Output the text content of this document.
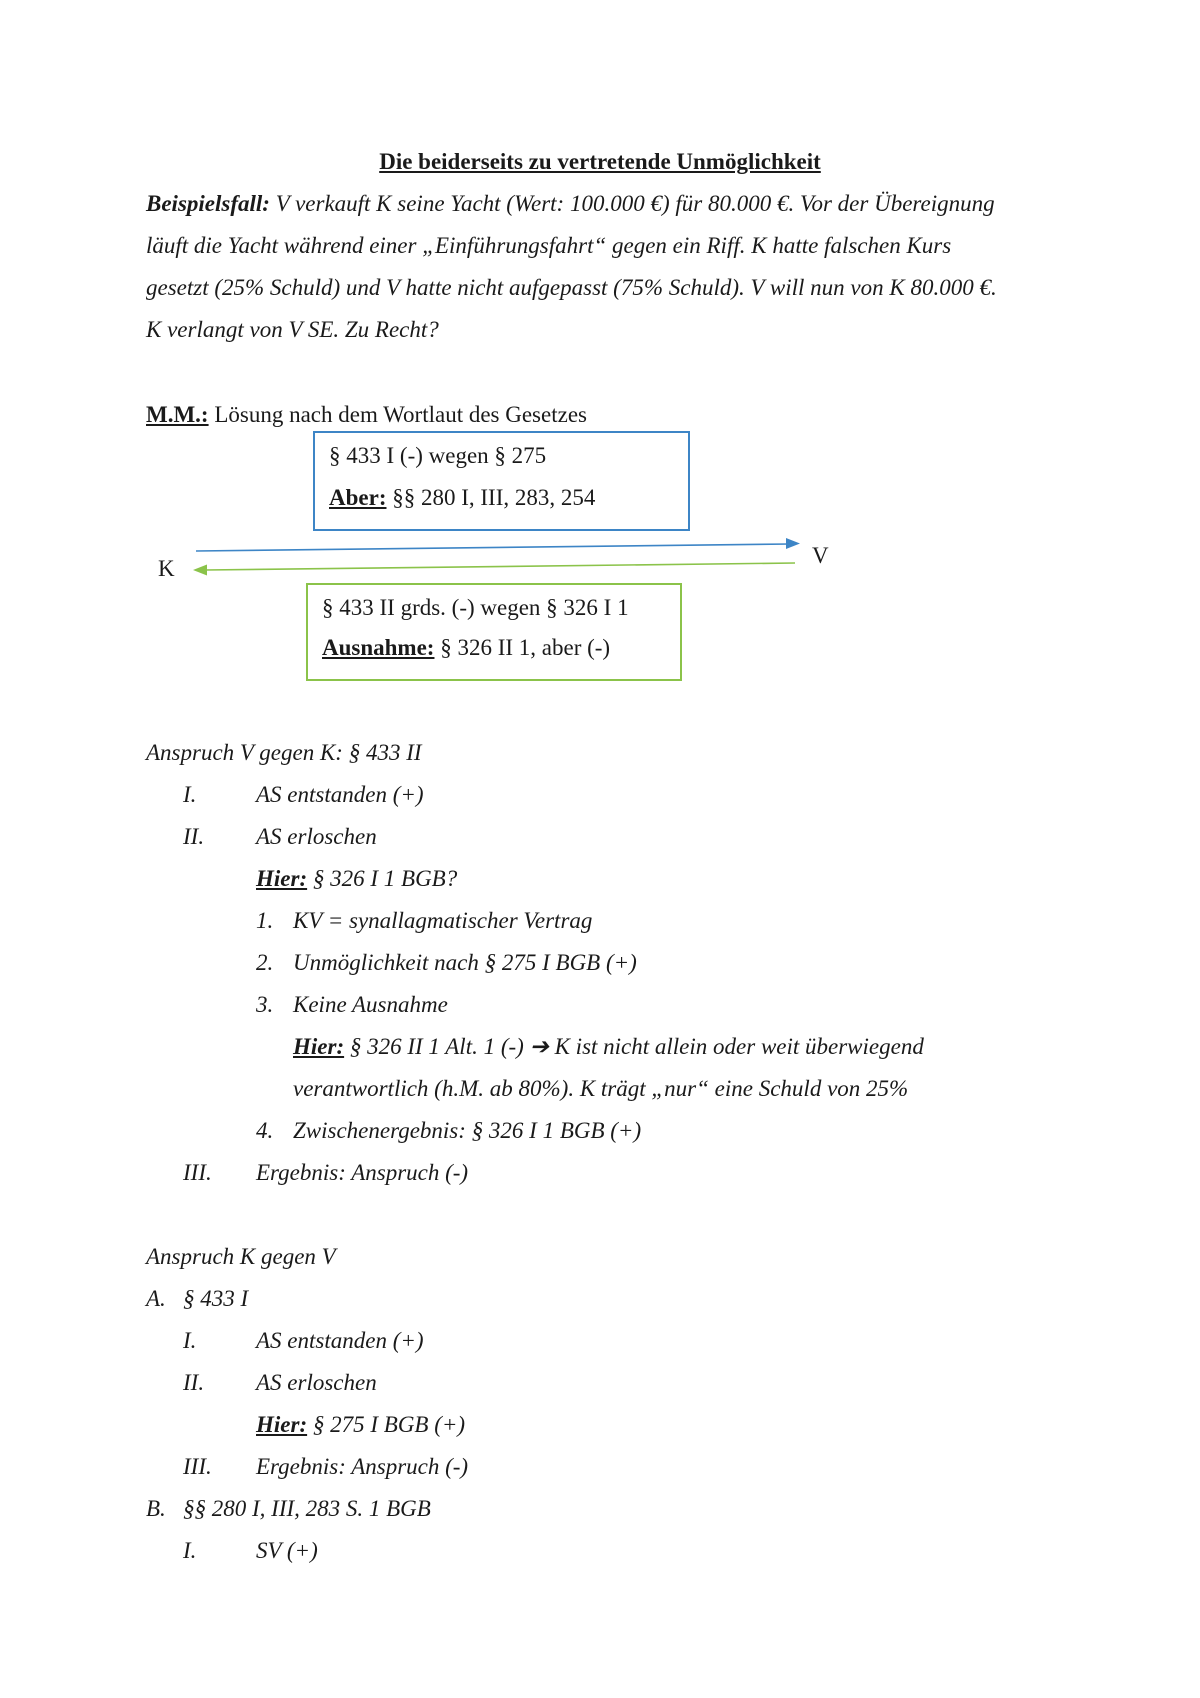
Die beiderseits zu vertretende Unmöglichkeit
Beispielsfall: V verkauft K seine Yacht (Wert: 100.000 €) für 80.000 €. Vor der Übereignung
läuft die Yacht während einer „Einführungsfahrt“ gegen ein Riff. K hatte falschen Kurs
gesetzt (25% Schuld) und V hatte nicht aufgepasst (75% Schuld). V will nun von K 80.000 €.
K verlangt von V SE. Zu Recht?
M.M.: Lösung nach dem Wortlaut des Gesetzes
§ 433 I (-) wegen § 275
Aber: §§ 280 I, III, 283, 254
K
V
§ 433 II grds. (-) wegen § 326 I 1
Ausnahme: § 326 II 1, aber (-)
Anspruch V gegen K: § 433 II
I.	AS entstanden (+)
II. AS erloschen
Hier: § 326 I 1 BGB?
1. KV = synallagmatischer Vertrag
2. Unmöglichkeit nach § 275 I BGB (+)
3. Keine Ausnahme
Hier: § 326 II 1 Alt. 1 (-) ➔ K ist nicht allein oder weit überwiegend
verantwortlich (h.M. ab 80%). K trägt „nur“ eine Schuld von 25%
4. Zwischenergebnis: § 326 I 1 BGB (+)
III. Ergebnis: Anspruch (-)
Anspruch K gegen V
A. § 433 I
I.	AS entstanden (+)
II. AS erloschen
Hier: § 275 I BGB (+)
III. Ergebnis: Anspruch (-)
B. §§ 280 I, III, 283 S. 1 BGB
I.	SV (+)
